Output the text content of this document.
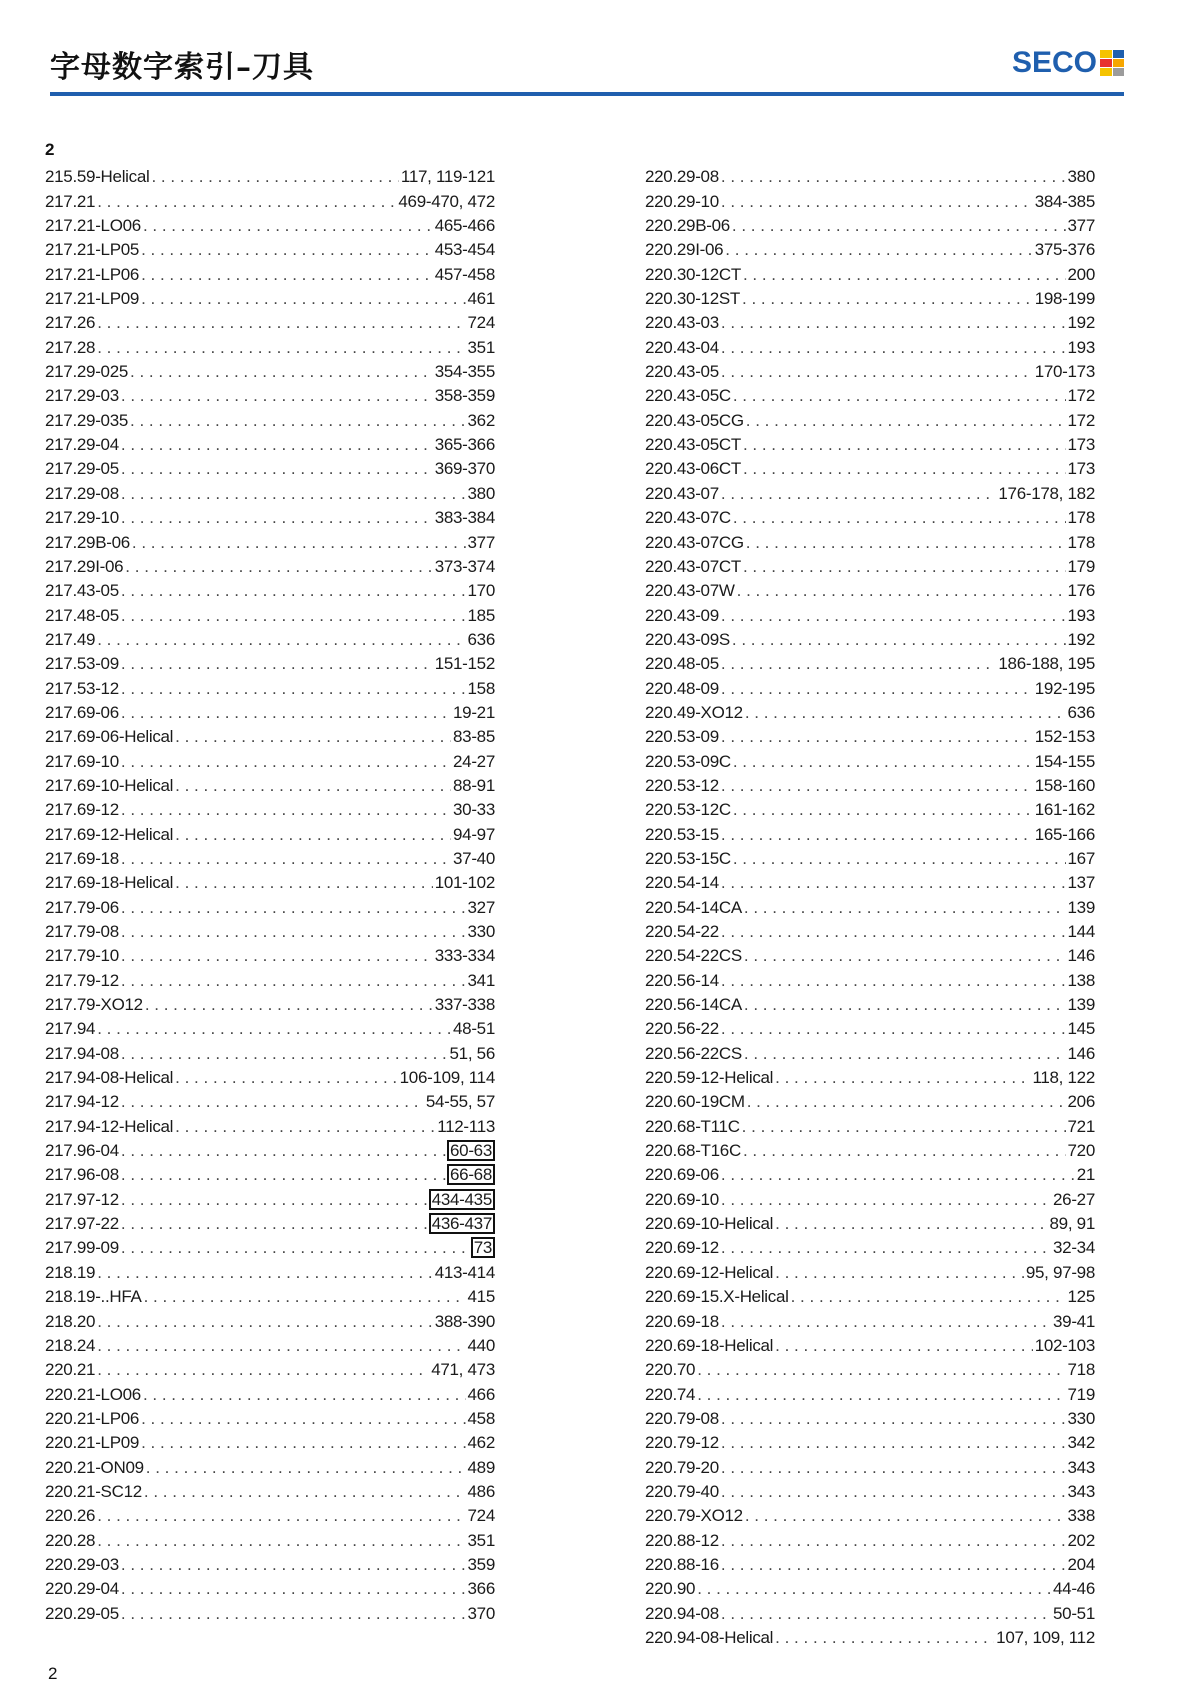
字母数字索引–刀具	SECO
2
215.59-Helical . . .	117, 119-121
217.21 . . .	469-470, 472
217.21-LO06 . . .	465-466
217.21-LP05 . . .	453-454
217.21-LP06 . . .	457-458
217.21-LP09 . . .	461
217.26 . . .	724
217.28 . . .	351
217.29-025 . . .	354-355
217.29-03 . . .	358-359
217.29-035 . . .	362
217.29-04 . . .	365-366
217.29-05 . . .	369-370
217.29-08 . . .	380
217.29-10 . . .	383-384
217.29B-06 . . .	377
217.29I-06 . . .	373-374
217.43-05 . . .	170
217.48-05 . . .	185
217.49 . . .	636
217.53-09 . . .	151-152
217.53-12 . . .	158
217.69-06 . . .	19-21
217.69-06-Helical . . .	83-85
217.69-10 . . .	24-27
217.69-10-Helical . . .	88-91
217.69-12 . . .	30-33
217.69-12-Helical . . .	94-97
217.69-18 . . .	37-40
217.69-18-Helical . . .	101-102
217.79-06 . . .	327
217.79-08 . . .	330
217.79-10 . . .	333-334
217.79-12 . . .	341
217.79-XO12 . . .	337-338
217.94 . . .	48-51
217.94-08 . . .	51, 56
217.94-08-Helical . . .	106-109, 114
217.94-12 . . .	54-55, 57
217.94-12-Helical . . .	112-113
217.96-04 . . .	60-63
217.96-08 . . .	66-68
217.97-12 . . .	434-435
217.97-22 . . .	436-437
217.99-09 . . .	73
218.19 . . .	413-414
218.19-..HFA . . .	415
218.20 . . .	388-390
218.24 . . .	440
220.21 . . .	471, 473
220.21-LO06 . . .	466
220.21-LP06 . . .	458
220.21-LP09 . . .	462
220.21-ON09 . . .	489
220.21-SC12 . . .	486
220.26 . . .	724
220.28 . . .	351
220.29-03 . . .	359
220.29-04 . . .	366
220.29-05 . . .	370
220.29-08 . . .	380
220.29-10 . . .	384-385
220.29B-06 . . .	377
220.29I-06 . . .	375-376
220.30-12CT . . .	200
220.30-12ST . . .	198-199
220.43-03 . . .	192
220.43-04 . . .	193
220.43-05 . . .	170-173
220.43-05C . . .	172
220.43-05CG . . .	172
220.43-05CT . . .	173
220.43-06CT . . .	173
220.43-07 . . .	176-178, 182
220.43-07C . . .	178
220.43-07CG . . .	178
220.43-07CT . . .	179
220.43-07W . . .	176
220.43-09 . . .	193
220.43-09S . . .	192
220.48-05 . . .	186-188, 195
220.48-09 . . .	192-195
220.49-XO12 . . .	636
220.53-09 . . .	152-153
220.53-09C . . .	154-155
220.53-12 . . .	158-160
220.53-12C . . .	161-162
220.53-15 . . .	165-166
220.53-15C . . .	167
220.54-14 . . .	137
220.54-14CA . . .	139
220.54-22 . . .	144
220.54-22CS . . .	146
220.56-14 . . .	138
220.56-14CA . . .	139
220.56-22 . . .	145
220.56-22CS . . .	146
220.59-12-Helical . . .	118, 122
220.60-19CM . . .	206
220.68-T11C . . .	721
220.68-T16C . . .	720
220.69-06 . . .	21
220.69-10 . . .	26-27
220.69-10-Helical . . .	89, 91
220.69-12 . . .	32-34
220.69-12-Helical . . .	95, 97-98
220.69-15.X-Helical . . .	125
220.69-18 . . .	39-41
220.69-18-Helical . . .	102-103
220.70 . . .	718
220.74 . . .	719
220.79-08 . . .	330
220.79-12 . . .	342
220.79-20 . . .	343
220.79-40 . . .	343
220.79-XO12 . . .	338
220.88-12 . . .	202
220.88-16 . . .	204
220.90 . . .	44-46
220.94-08 . . .	50-51
220.94-08-Helical . . .	107, 109, 112
2
